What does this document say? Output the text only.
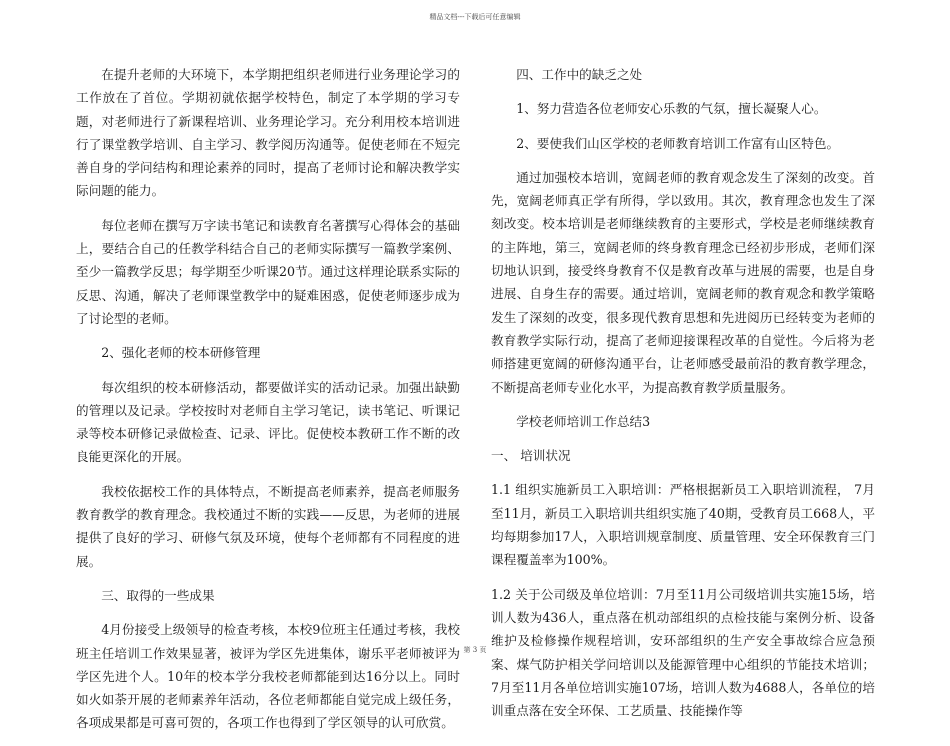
精品文档---下载后可任意编辑

在提升老师的大环境下，本学期把组织老师进行业务理论学习的工作放在了首位。学期初就依据学校特色，制定了本学期的学习专题，对老师进行了新课程培训、业务理论学习。充分利用校本培训进行了课堂教学培训、自主学习、教学阅历沟通等。促使老师在不短完善自身的学问结构和理论素养的同时，提高了老师讨论和解决教学实际问题的能力。

每位老师在撰写万字读书笔记和读教育名著撰写心得体会的基础上，要结合自己的任教学科结合自己的老师实际撰写一篇教学案例、至少一篇教学反思；每学期至少听课20节。通过这样理论联系实际的反思、沟通，解决了老师课堂教学中的疑难困惑，促使老师逐步成为了讨论型的老师。

2、强化老师的校本研修管理

每次组织的校本研修活动，都要做详实的活动记录。加强出缺勤的管理以及记录。学校按时对老师自主学习笔记，读书笔记、听课记录等校本研修记录做检查、记录、评比。促使校本教研工作不断的改良能更深化的开展。

我校依据校工作的具体特点，不断提高老师素养，提高老师服务教育教学的教育理念。我校通过不断的实践——反思，为老师的进展提供了良好的学习、研修气氛及环境，使每个老师都有不同程度的进展。

三、取得的一些成果

4月份接受上级领导的检查考核，本校9位班主任通过考核，我校班主任培训工作效果显著，被评为学区先进集体，谢乐平老师被评为学区先进个人。10年的校本学分我校老师都能到达16分以上。同时如火如荼开展的老师素养年活动，各位老师都能自觉完成上级任务，各项成果都是可喜可贺的，各项工作也得到了学区领导的认可欣赏。

四、工作中的缺乏之处

1、努力营造各位老师安心乐教的气氛，擅长凝聚人心。

2、要使我们山区学校的老师教育培训工作富有山区特色。

通过加强校本培训，宽阔老师的教育观念发生了深刻的改变。首先，宽阔老师真正学有所得，学以致用。其次，教育理念也发生了深刻改变。校本培训是老师继续教育的主要形式，学校是老师继续教育的主阵地，第三，宽阔老师的终身教育理念已经初步形成，老师们深切地认识到，接受终身教育不仅是教育改革与进展的需要，也是自身进展、自身生存的需要。通过培训，宽阔老师的教育观念和教学策略发生了深刻的改变，很多现代教育思想和先进阅历已经转变为老师的教育教学实际行动，提高了老师迎接课程改革的自觉性。今后将为老师搭建更宽阔的研修沟通平台，让老师感受最前沿的教育教学理念，不断提高老师专业化水平，为提高教育教学质量服务。

学校老师培训工作总结3

一、 培训状况

1.1 组织实施新员工入职培训：严格根据新员工入职培训流程， 7月至11月，新员工入职培训共组织实施了40期，受教育员工668人，平均每期参加17人，入职培训规章制度、质量管理、安全环保教育三门课程覆盖率为100%。

1.2 关于公司级及单位培训：7月至11月公司级培训共实施15场，培训人数为436人，重点落在机动部组织的点检技能与案例分析、设备维护及检修操作规程培训，安环部组织的生产安全事故综合应急预案、煤气防护相关学问培训以及能源管理中心组织的节能技术培训；7月至11月各单位培训实施107场，培训人数为4688人，各单位的培训重点落在安全环保、工艺质量、技能操作等

第 3 页
